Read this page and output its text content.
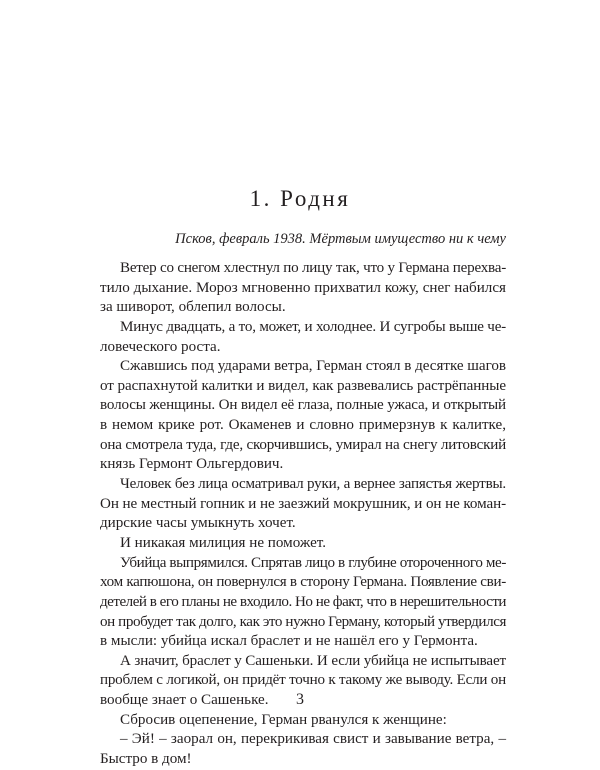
1. Родня
Псков, февраль 1938. Мёртвым имущество ни к чему
Ветер со снегом хлестнул по лицу так, что у Германа перехва-
тило дыхание. Мороз мгновенно прихватил кожу, снег набился
за шиворот, облепил волосы.
Минус двадцать, а то, может, и холоднее. И сугробы выше че-
ловеческого роста.
Сжавшись под ударами ветра, Герман стоял в десятке шагов
от распахнутой калитки и видел, как развевались растрёпанные
волосы женщины. Он видел её глаза, полные ужаса, и открытый
в немом крике рот. Окаменев и словно примерзнув к калитке,
она смотрела туда, где, скорчившись, умирал на снегу литовский
князь Гермонт Ольгердович.
Человек без лица осматривал руки, а вернее запястья жертвы.
Он не местный гопник и не заезжий мокрушник, и он не коман-
дирские часы умыкнуть хочет.
И никакая милиция не поможет.
Убийца выпрямился. Спрятав лицо в глубине отороченного ме-
хом капюшона, он повернулся в сторону Германа. Появление сви-
детелей в его планы не входило. Но не факт, что в нерешительности
он пробудет так долго, как это нужно Герману, который утвердился
в мысли: убийца искал браслет и не нашёл его у Гермонта.
А значит, браслет у Сашеньки. И если убийца не испытывает
проблем с логикой, он придёт точно к такому же выводу. Если он
вообще знает о Сашеньке.
Сбросив оцепенение, Герман рванулся к женщине:
– Эй! – заорал он, перекрикивая свист и завывание ветра, –
Быстро в дом!
3
